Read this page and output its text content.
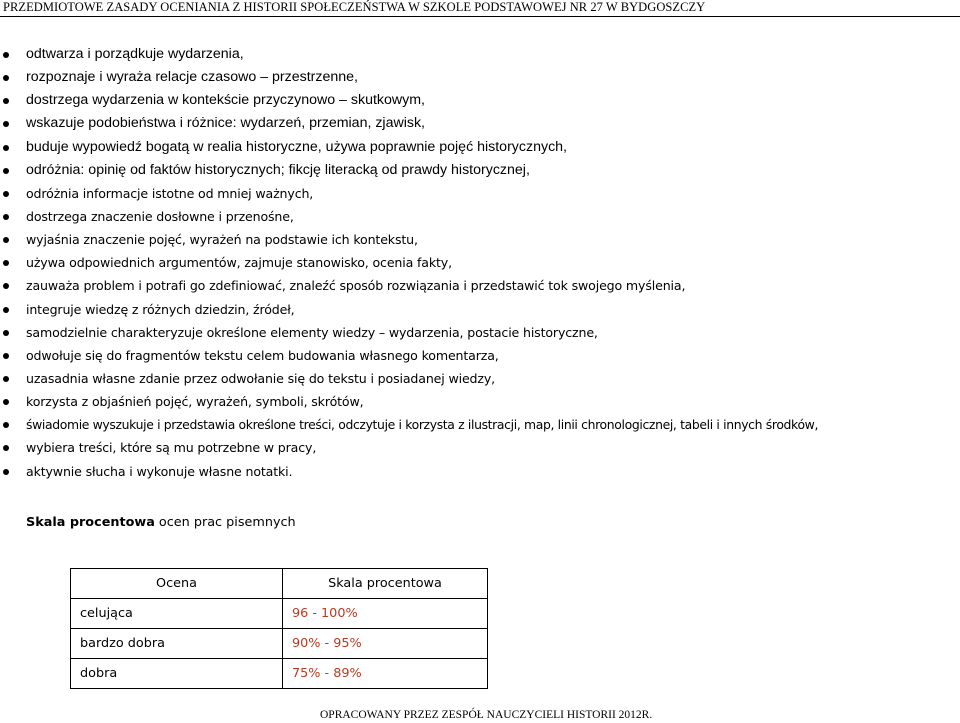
PRZEDMIOTOWE ZASADY OCENIANIA Z HISTORII SPOŁECZEŃSTWA W SZKOLE PODSTAWOWEJ NR 27 W BYDGOSZCZY
odtwarza i porządkuje wydarzenia,
rozpoznaje i wyraża relacje czasowo – przestrzenne,
dostrzega wydarzenia w kontekście przyczynowo – skutkowym,
wskazuje podobieństwa i różnice: wydarzeń, przemian, zjawisk,
buduje wypowiedź bogatą w realia historyczne, używa poprawnie pojęć historycznych,
odróżnia: opinię od faktów historycznych; fikcję literacką od prawdy historycznej,
odróżnia informacje istotne od mniej ważnych,
dostrzega znaczenie dosłowne i przenośne,
wyjaśnia znaczenie pojęć, wyrażeń na podstawie ich kontekstu,
używa odpowiednich argumentów, zajmuje stanowisko, ocenia fakty,
zauważa problem i potrafi go zdefiniować, znaleźć sposób rozwiązania i przedstawić tok swojego myślenia,
integruje wiedzę z różnych dziedzin, źródeł,
samodzielnie charakteryzuje określone elementy wiedzy – wydarzenia, postacie historyczne,
odwołuje się do fragmentów tekstu celem budowania własnego komentarza,
uzasadnia własne zdanie przez odwołanie się do tekstu i posiadanej wiedzy,
korzysta z objaśnień pojęć, wyrażeń, symboli, skrótów,
świadomie wyszukuje i przedstawia określone treści, odczytuje i korzysta z ilustracji, map, linii chronologicznej, tabeli i innych środków,
wybiera treści, które są mu potrzebne w pracy,
aktywnie słucha i wykonuje własne notatki.
Skala procentowa ocen prac pisemnych
Ocena	Skala procentowa
celująca	96 - 100%
bardzo dobra	90% - 95%
dobra	75% - 89%
OPRACOWANY PRZEZ ZESPÓŁ NAUCZYCIELI HISTORII 2012R.
